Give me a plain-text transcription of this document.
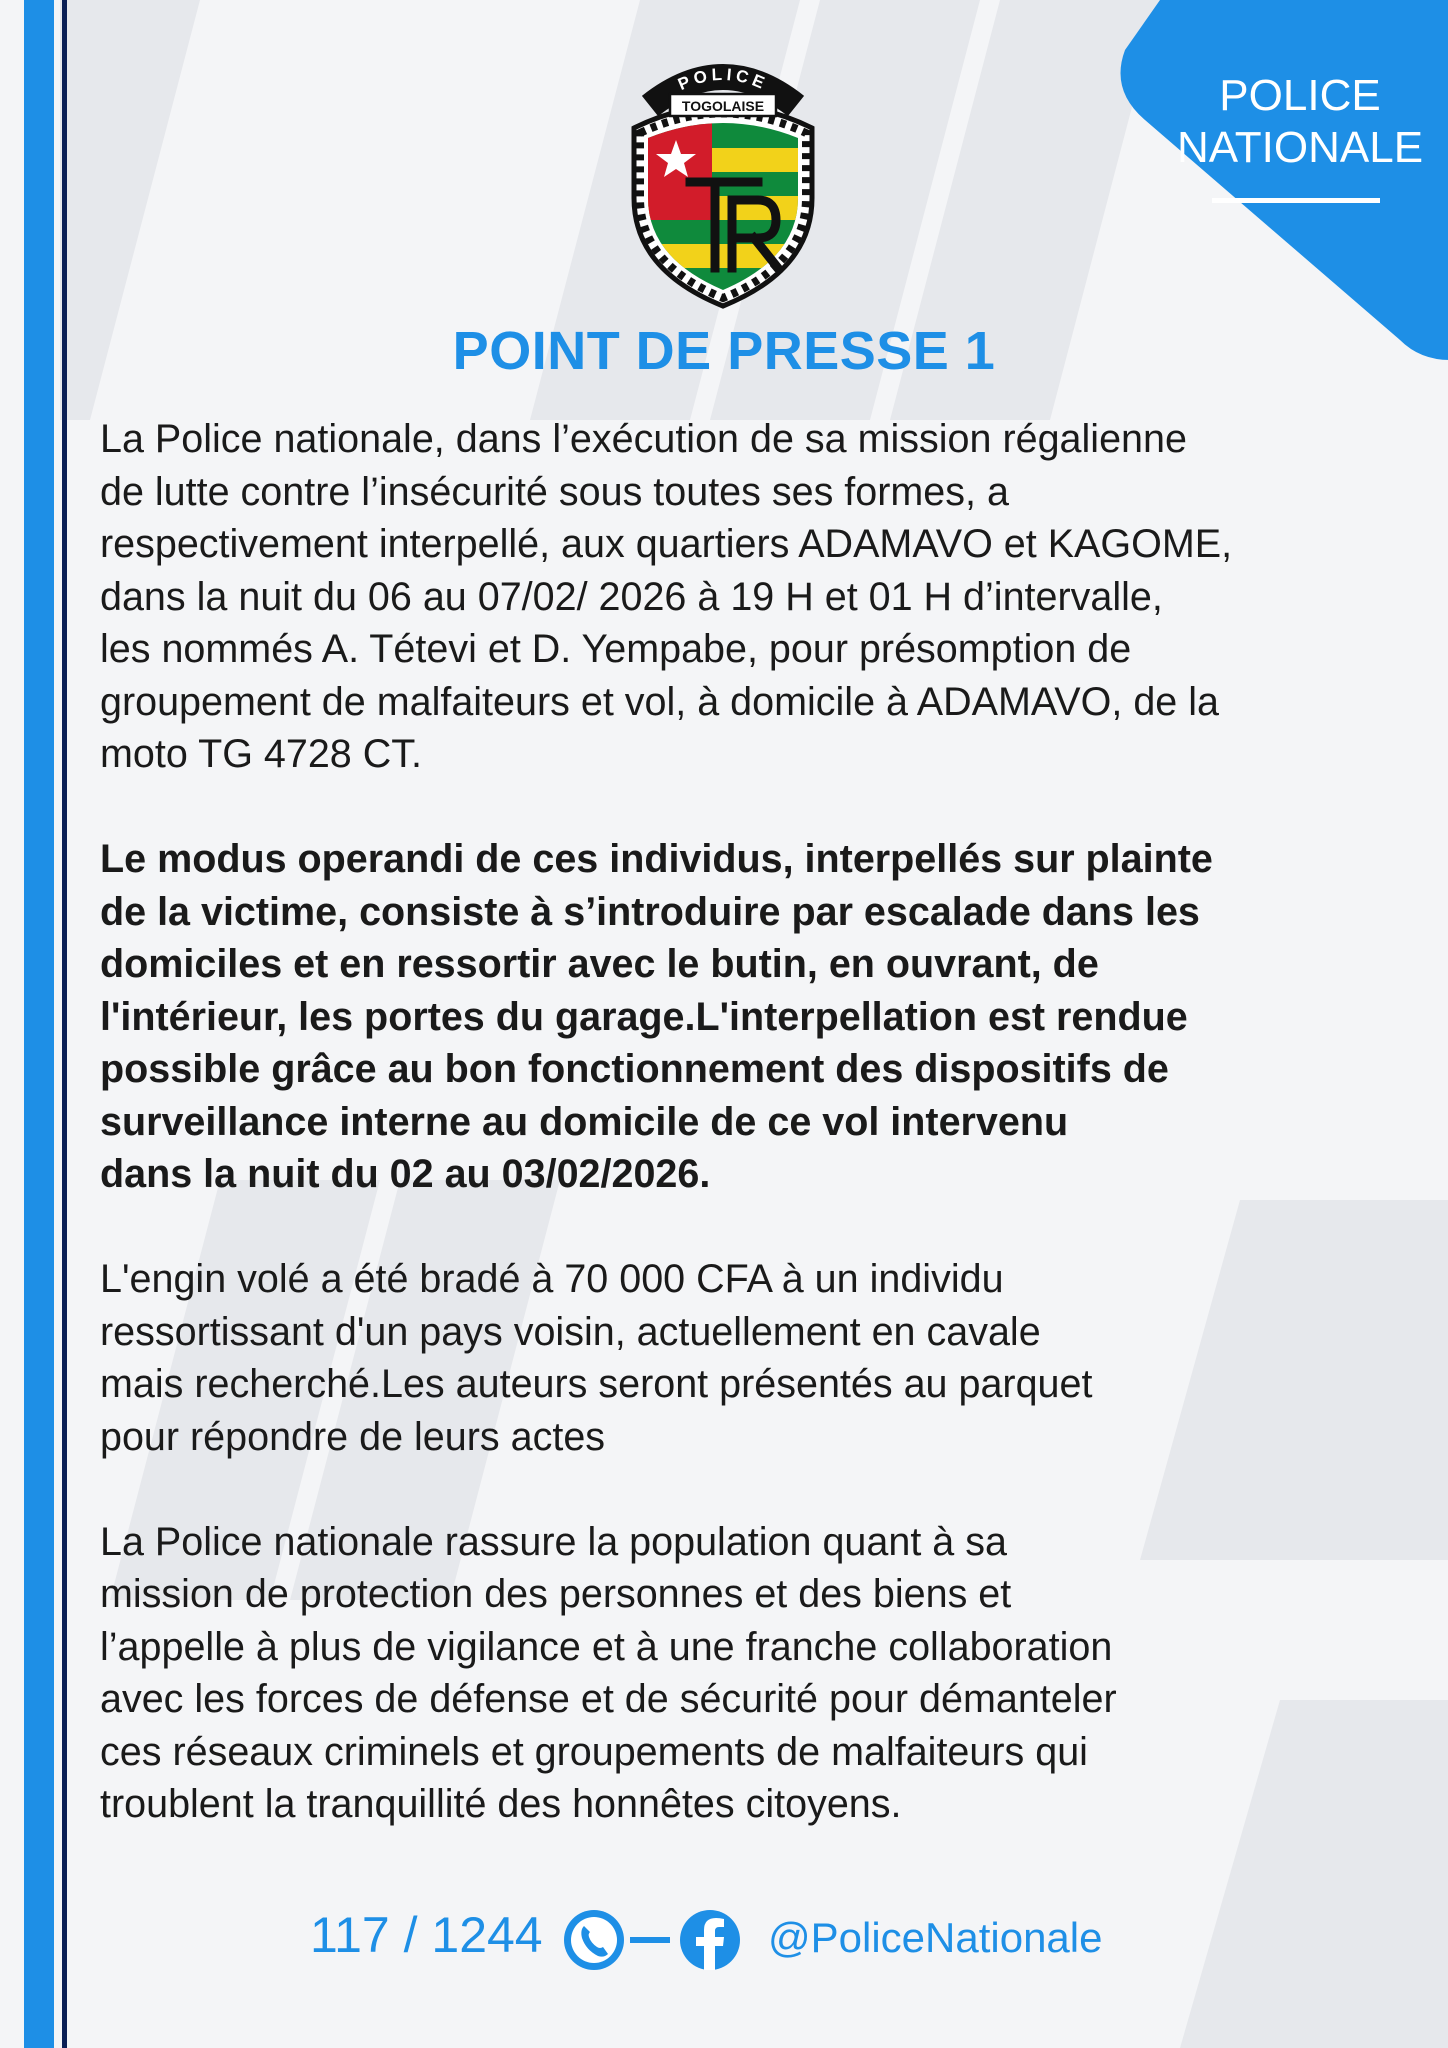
POLICE
NATIONALE
POLICE
TOGOLAISE
POINT DE PRESSE 1

La Police nationale, dans l’exécution de sa mission régalienne
de lutte contre l’insécurité sous toutes ses formes, a
respectivement interpellé, aux quartiers ADAMAVO et KAGOME,
dans la nuit du 06 au 07/02/ 2026 à 19 H et 01 H d’intervalle,
les nommés A. Tétevi et D. Yempabe, pour présomption de
groupement de malfaiteurs et vol, à domicile à ADAMAVO, de la
moto TG 4728 CT.

Le modus operandi de ces individus, interpellés sur plainte
de la victime, consiste à s’introduire par escalade dans les
domiciles et en ressortir avec le butin, en ouvrant, de
l'intérieur, les portes du garage.L'interpellation est rendue
possible grâce au bon fonctionnement des dispositifs de
surveillance interne au domicile de ce vol intervenu
dans la nuit du 02 au 03/02/2026.

L'engin volé a été bradé à 70 000 CFA à un individu
ressortissant d'un pays voisin, actuellement en cavale
mais recherché.Les auteurs seront présentés au parquet
pour répondre de leurs actes

La Police nationale rassure la population quant à sa
mission de protection des personnes et des biens et
l’appelle à plus de vigilance et à une franche collaboration
avec les forces de défense et de sécurité pour démanteler
ces réseaux criminels et groupements de malfaiteurs qui
troublent la tranquillité des honnêtes citoyens.

117 / 1244	@PoliceNationale
